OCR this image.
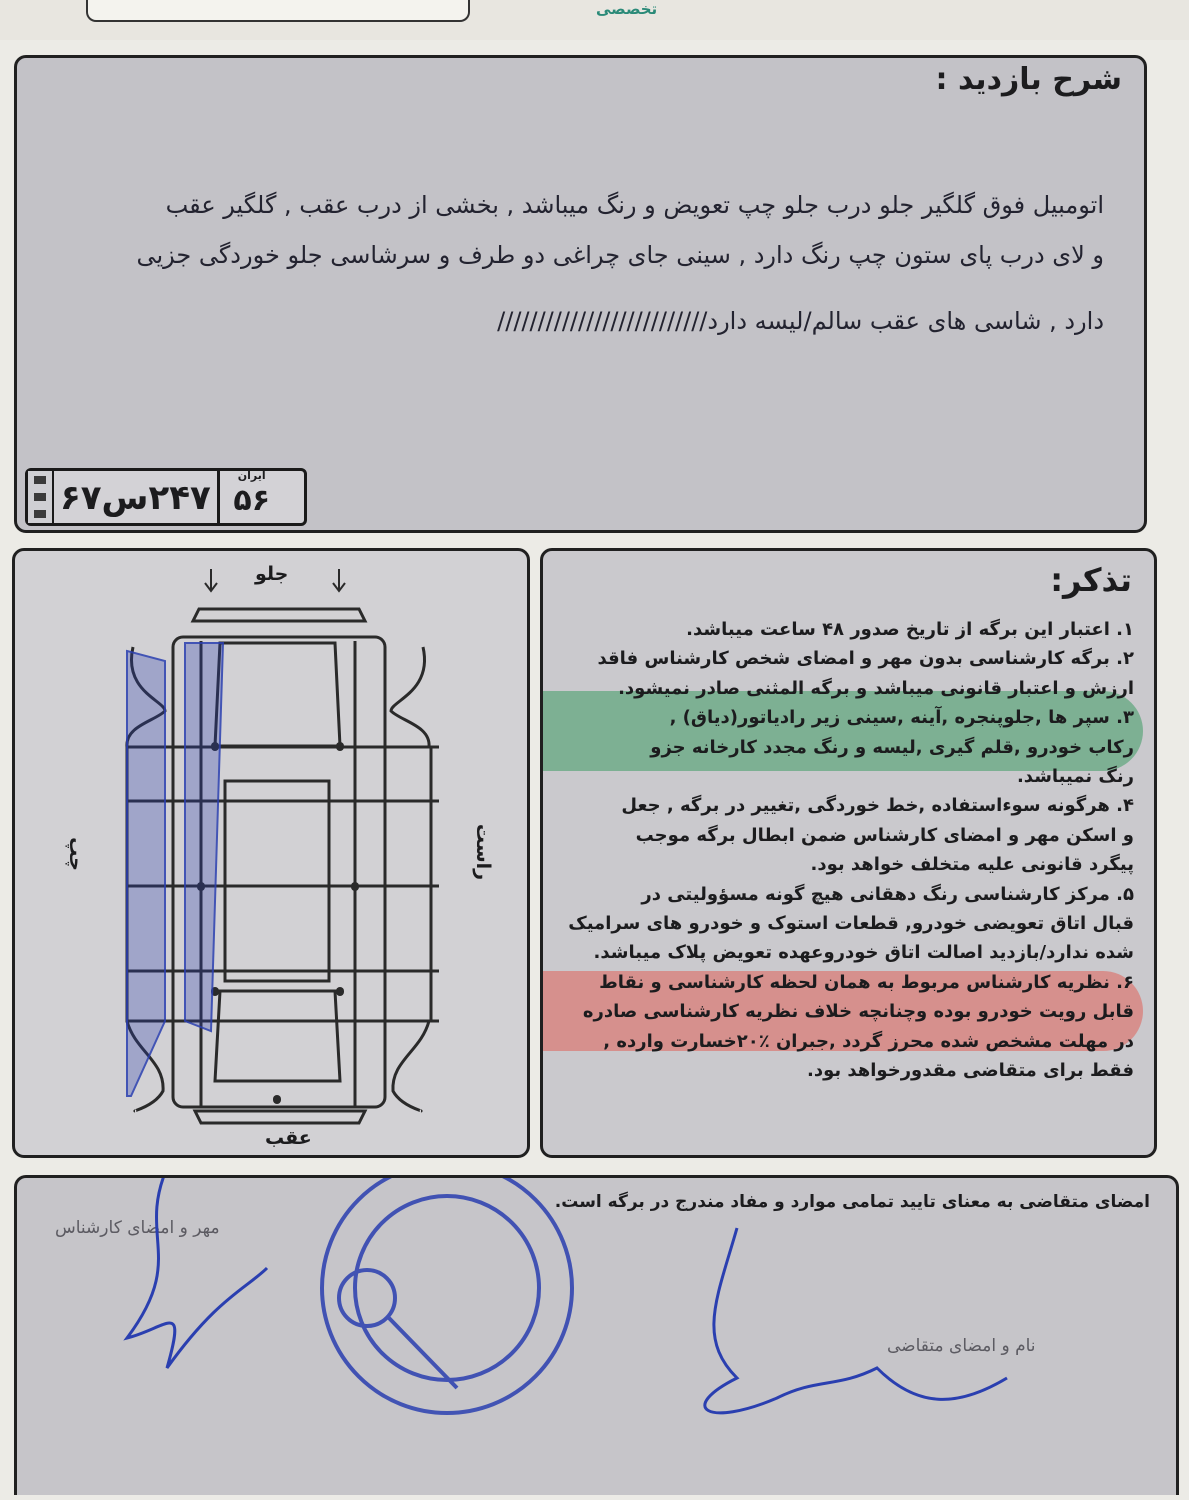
تخصصی
شرح بازدید :
اتومبیل فوق گلگیر جلو درب جلو چپ تعویض و رنگ میباشد , بخشی از درب عقب , گلگیر عقب
و لای درب پای ستون چپ رنگ دارد , سینی جای چراغی دو طرف و سرشاسی جلو خوردگی جزیی
دارد , شاسی های عقب سالم/لیسه دارد//////////////////////////
۲۴۷س۶۷
ایران
۵۶
جلو
عقب
راست
چپ
تذکر:

۱. اعتبار این برگه از تاریخ صدور ۴۸ ساعت میباشد.

۲. برگه کارشناسی بدون مهر و امضای شخص کارشناس فاقد

ارزش و اعتبار قانونی میباشد و برگه المثنی صادر نمیشود.

۳. سپر ها ,جلوپنجره ,آینه ,سینی زیر رادیاتور(دیاق) ,

رکاب خودرو ,قلم گیری ,لیسه و رنگ مجدد کارخانه جزو

رنگ نمیباشد.

۴. هرگونه سوءاستفاده ,خط خوردگی ,تغییر در برگه , جعل

و اسکن مهر و امضای کارشناس ضمن ابطال برگه موجب

پیگرد قانونی علیه متخلف خواهد بود.

۵. مرکز کارشناسی رنگ دهقانی هیچ گونه مسؤولیتی در

قبال اتاق تعویضی خودرو, قطعات استوک و خودرو های سرامیک

شده ندارد/بازدید اصالت اتاق خودروعهده تعویض پلاک میباشد.

۶. نظریه کارشناس مربوط به همان لحظه کارشناسی و نقاط

قابل رویت خودرو بوده وچنانچه خلاف نظریه کارشناسی صادره

در مهلت مشخص شده محرز گردد ,جبران ٪۲۰خسارت وارده ,

فقط برای متقاضی مقدورخواهد بود.

امضای متقاضی به معنای تایید تمامی موارد و مفاد مندرج در برگه است.
مهر و امضای کارشناس
نام و امضای متقاضی
